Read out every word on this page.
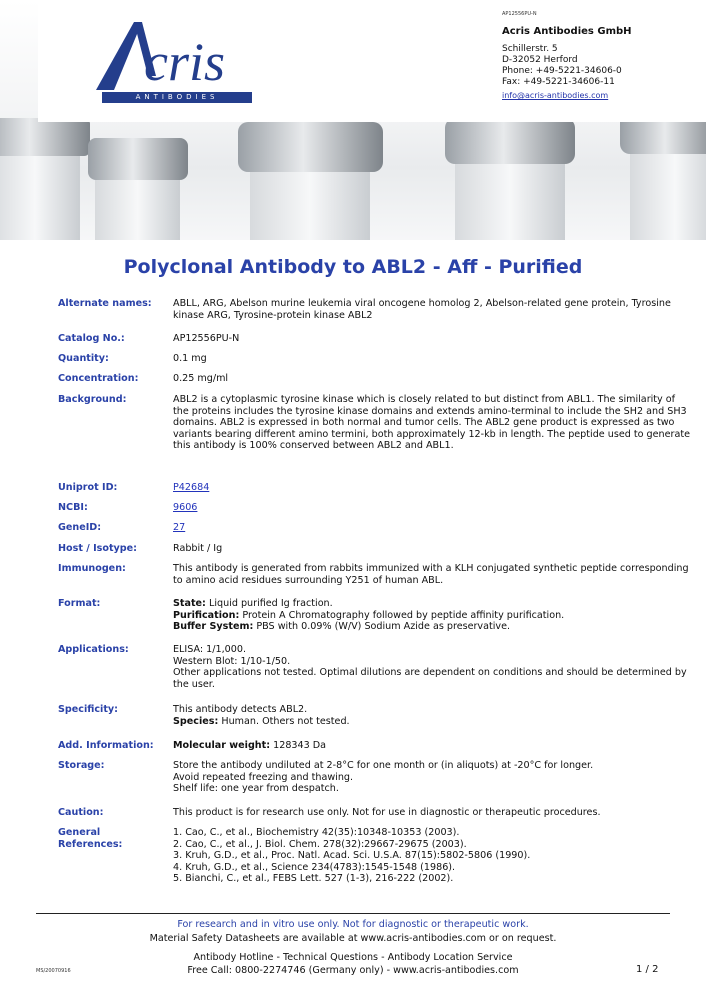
cris
ANTIBODIES
AP12556PU-N
Acris Antibodies GmbH
Schillerstr. 5
D-32052 Herford
Phone: +49-5221-34606-0
Fax: +49-5221-34606-11
info@acris-antibodies.com
Polyclonal Antibody to ABL2 - Aff - Purified
Alternate names:	ABLL, ARG, Abelson murine leukemia viral oncogene homolog 2, Abelson-related gene protein, Tyrosine kinase ARG, Tyrosine-protein kinase ABL2
Catalog No.:	AP12556PU-N
Quantity:	0.1 mg
Concentration:	0.25 mg/ml
Background:	ABL2 is a cytoplasmic tyrosine kinase which is closely related to but distinct from ABL1. The similarity of the proteins includes the tyrosine kinase domains and extends amino-terminal to include the SH2 and SH3 domains. ABL2 is expressed in both normal and tumor cells. The ABL2 gene product is expressed as two variants bearing different amino termini, both approximately 12-kb in length. The peptide used to generate this antibody is 100% conserved between ABL2 and ABL1.
Uniprot ID:	P42684
NCBI:	9606
GeneID:	27
Host / Isotype:	Rabbit / Ig
Immunogen:	This antibody is generated from rabbits immunized with a KLH conjugated synthetic peptide corresponding to amino acid residues surrounding Y251 of human ABL.
Format:	State: Liquid purified Ig fraction.
Purification: Protein A Chromatography followed by peptide affinity purification.
Buffer System: PBS with 0.09% (W/V) Sodium Azide as preservative.
Applications:	ELISA: 1/1,000.
Western Blot: 1/10-1/50.
Other applications not tested. Optimal dilutions are dependent on conditions and should be determined by the user.
Specificity:	This antibody detects ABL2.
Species: Human. Others not tested.
Add. Information:	Molecular weight: 128343 Da
Storage:	Store the antibody undiluted at 2-8°C for one month or (in aliquots) at -20°C for longer.
Avoid repeated freezing and thawing.
Shelf life: one year from despatch.
Caution:	This product is for research use only. Not for use in diagnostic or therapeutic procedures.
General
References:
1. Cao, C., et al., Biochemistry 42(35):10348-10353 (2003).
2. Cao, C., et al., J. Biol. Chem. 278(32):29667-29675 (2003).
3. Kruh, G.D., et al., Proc. Natl. Acad. Sci. U.S.A. 87(15):5802-5806 (1990).
4. Kruh, G.D., et al., Science 234(4783):1545-1548 (1986).
5. Bianchi, C., et al., FEBS Lett. 527 (1-3), 216-222 (2002).
For research and in vitro use only. Not for diagnostic or therapeutic work.
Material Safety Datasheets are available at www.acris-antibodies.com or on request.
Antibody Hotline - Technical Questions - Antibody Location Service
Free Call: 0800-2274746 (Germany only) - www.acris-antibodies.com
MS/20070916	1 / 2
